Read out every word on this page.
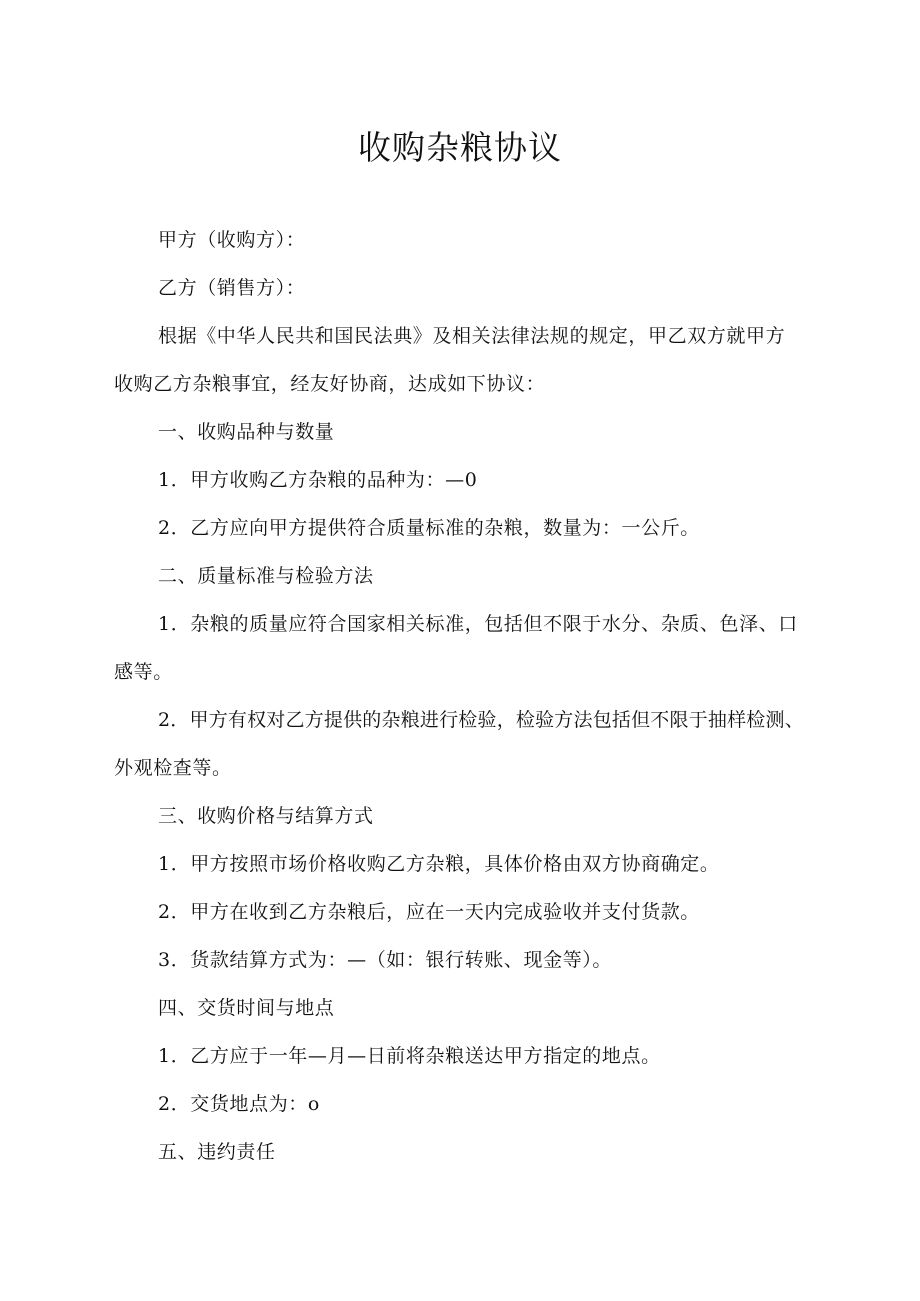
收购杂粮协议
甲方（收购方）：
乙方（销售方）：
根据《中华人民共和国民法典》及相关法律法规的规定，甲乙双方就甲方
收购乙方杂粮事宜，经友好协商，达成如下协议：
一、收购品种与数量
1．甲方收购乙方杂粮的品种为：—0
2．乙方应向甲方提供符合质量标准的杂粮，数量为：一公斤。
二、质量标准与检验方法
1．杂粮的质量应符合国家相关标准，包括但不限于水分、杂质、色泽、口
感等。
2．甲方有权对乙方提供的杂粮进行检验，检验方法包括但不限于抽样检测、
外观检查等。
三、收购价格与结算方式
1．甲方按照市场价格收购乙方杂粮，具体价格由双方协商确定。
2．甲方在收到乙方杂粮后，应在一天内完成验收并支付货款。
3．货款结算方式为：—（如：银行转账、现金等）。
四、交货时间与地点
1．乙方应于一年—月—日前将杂粮送达甲方指定的地点。
2．交货地点为：o
五、违约责任
